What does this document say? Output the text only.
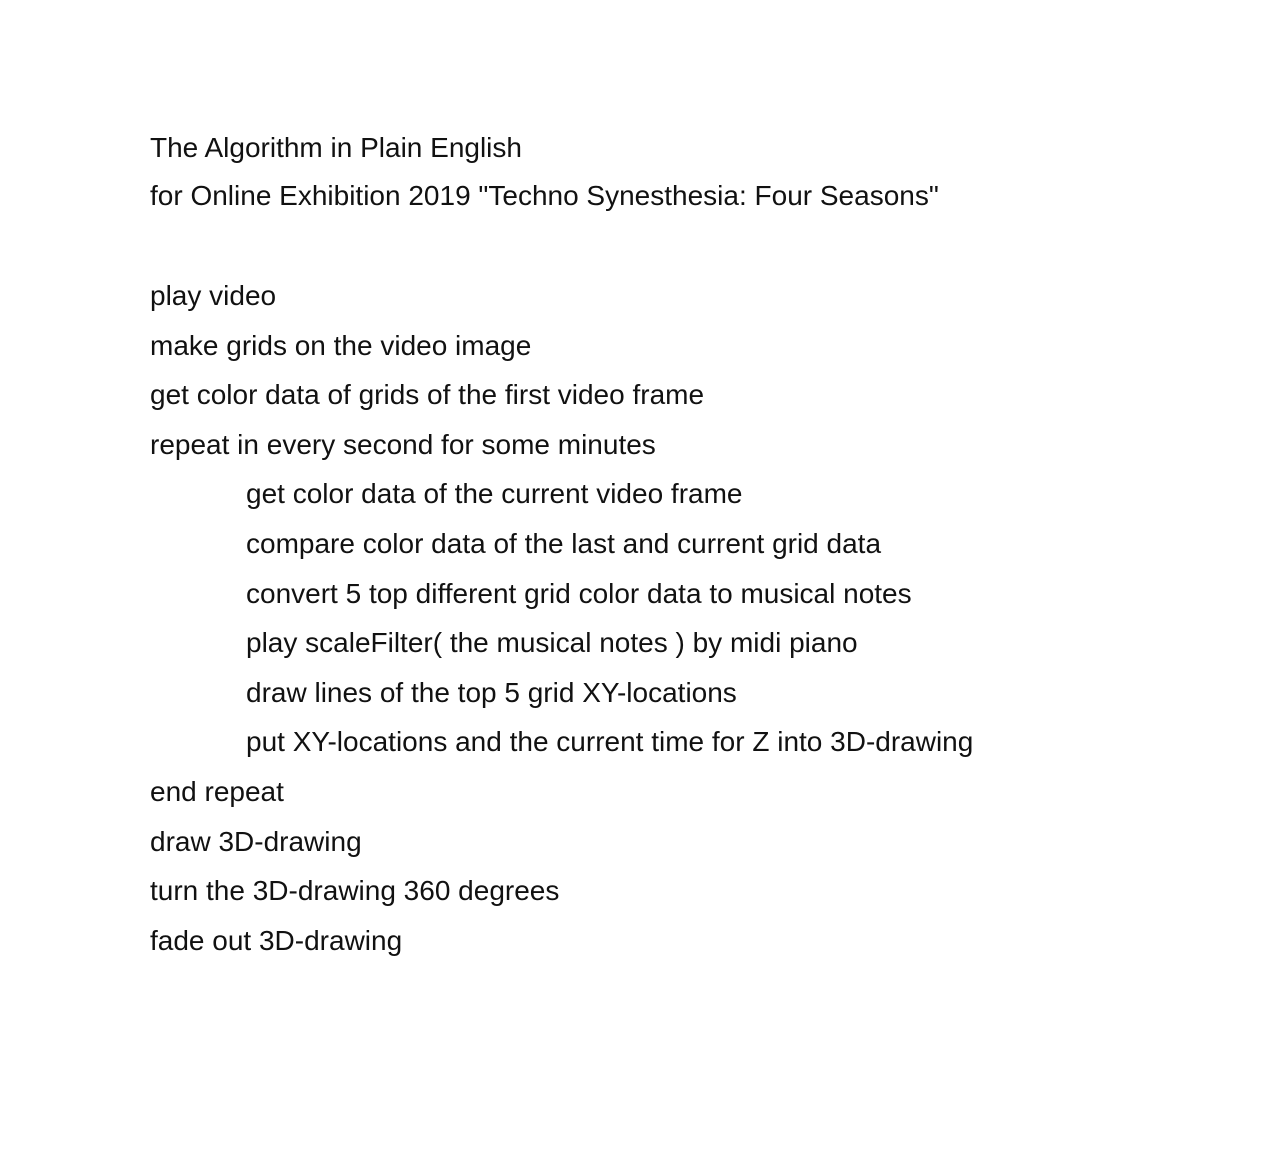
The Algorithm in Plain English
for Online Exhibition 2019 "Techno Synesthesia: Four Seasons"
play video
make grids on the video image
get color data of grids of the first video frame
repeat in every second for some minutes
get color data of the current video frame
compare color data of the last and current grid data
convert 5 top different grid color data to musical notes
play scaleFilter( the musical notes ) by midi piano
draw lines of the top 5 grid XY-locations
put XY-locations and the current time for Z into 3D-drawing
end repeat
draw 3D-drawing
turn the 3D-drawing 360 degrees
fade out 3D-drawing
